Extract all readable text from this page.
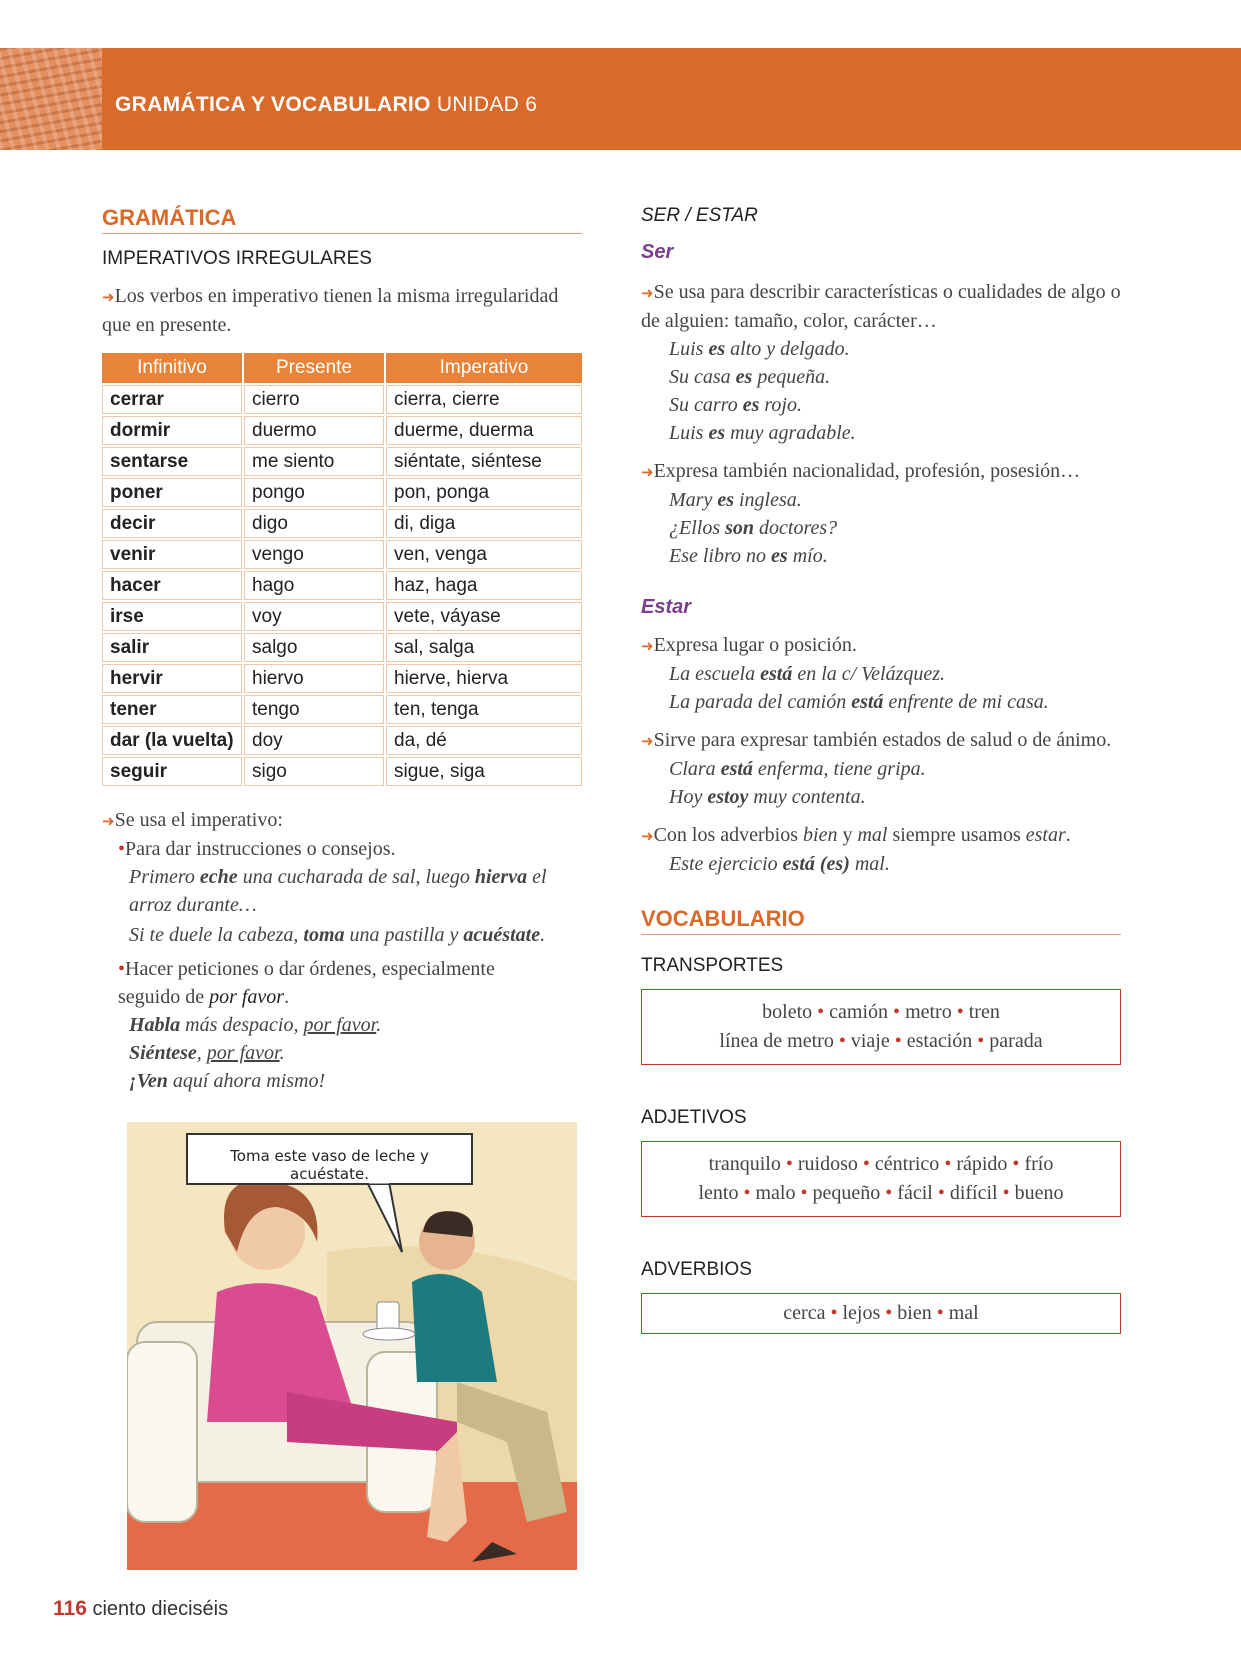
GRAMÁTICA Y VOCABULARIO UNIDAD 6
GRAMÁTICA
IMPERATIVOS IRREGULARES
➜Los verbos en imperativo tienen la misma irregularidad que en presente.
Infinitivo	Presente	Imperativo
cerrar	cierro	cierra, cierre
dormir	duermo	duerme, duerma
sentarse	me siento	siéntate, siéntese
poner	pongo	pon, ponga
decir	digo	di, diga
venir	vengo	ven, venga
hacer	hago	haz, haga
irse	voy	vete, váyase
salir	salgo	sal, salga
hervir	hiervo	hierve, hierva
tener	tengo	ten, tenga
dar (la vuelta)	doy	da, dé
seguir	sigo	sigue, siga
➜Se usa el imperativo:
•Para dar instrucciones o consejos.
Primero eche una cucharada de sal, luego hierva el arroz durante…
Si te duele la cabeza, toma una pastilla y acuéstate.
•Hacer peticiones o dar órdenes, especialmente seguido de por favor.
Habla más despacio, por favor.
Siéntese, por favor.
¡Ven aquí ahora mismo!
Toma este vaso de leche y acuéstate.
SER / ESTAR
Ser
➜Se usa para describir características o cualidades de algo o de alguien: tamaño, color, carácter…
Luis es alto y delgado.
Su casa es pequeña.
Su carro es rojo.
Luis es muy agradable.
➜Expresa también nacionalidad, profesión, posesión…
Mary es inglesa.
¿Ellos son doctores?
Ese libro no es mío.
Estar
➜Expresa lugar o posición.
La escuela está en la c/ Velázquez.
La parada del camión está enfrente de mi casa.
➜Sirve para expresar también estados de salud o de ánimo.
Clara está enferma, tiene gripa.
Hoy estoy muy contenta.
➜Con los adverbios bien y mal siempre usamos estar.
Este ejercicio está (es) mal.
VOCABULARIO
TRANSPORTES
boleto • camión • metro • tren
línea de metro • viaje • estación • parada
ADJETIVOS
tranquilo • ruidoso • céntrico • rápido • frío
lento • malo • pequeño • fácil • difícil • bueno
ADVERBIOS
cerca • lejos • bien • mal
116 ciento dieciséis
